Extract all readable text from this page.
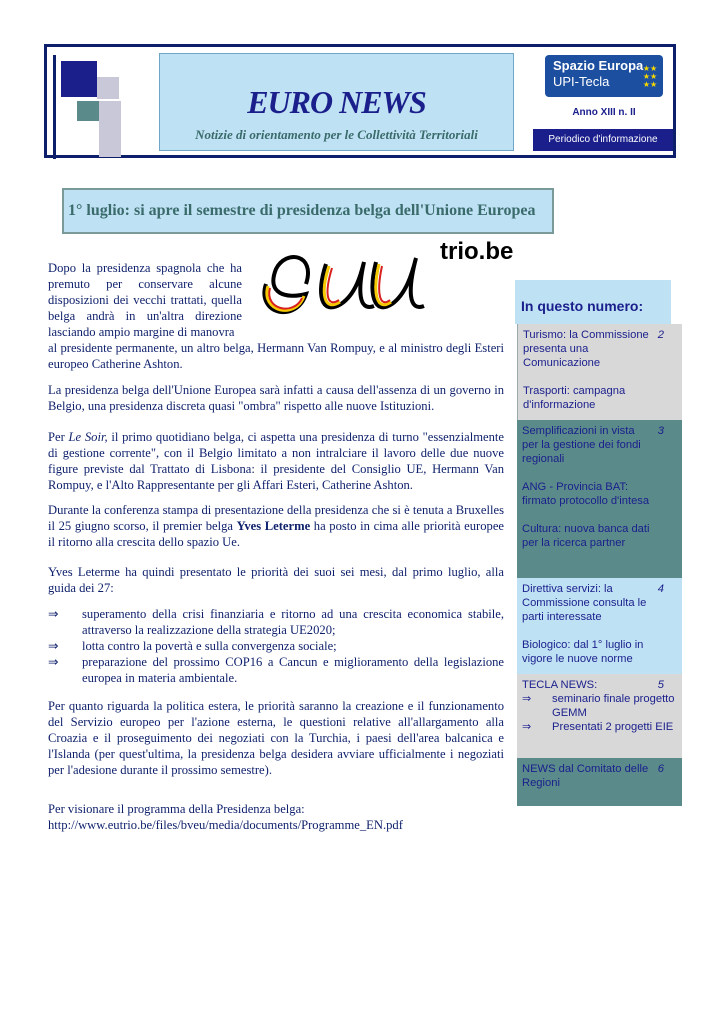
EURO NEWS
Notizie di orientamento per le Collettività Territoriali
Spazio Europa
UPI-Tecla
★★
★★
★★
Anno XIII n. II
Periodico d'informazione
1° luglio: si apre il semestre di presidenza belga dell'Unione Europea
trio.be
Dopo la presidenza spagnola che ha premuto per conservare alcune disposizioni dei vecchi trattati, quella belga andrà in un'altra direzione lasciando ampio margine di manovra
al presidente permanente, un altro belga, Hermann Van Rompuy, e al ministro degli Esteri europeo Catherine Ashton.
La presidenza belga dell'Unione Europea sarà infatti a causa dell'assenza di un governo in Belgio, una presidenza discreta quasi "ombra" rispetto alle nuove Istituzioni.
Per Le Soir, il primo quotidiano belga, ci aspetta una presidenza di turno "essenzialmente di gestione corrente", con il Belgio limitato a non intralciare il lavoro delle due nuove figure previste dal Trattato di Lisbona: il presidente del Consiglio UE, Hermann Van Rompuy, e l'Alto Rappresentante per gli Affari Esteri, Catherine Ashton.
Durante la conferenza stampa di presentazione della presidenza che si è tenuta a Bruxelles il 25 giugno scorso, il premier belga Yves Leterme ha posto in cima alle priorità europee il ritorno alla crescita dello spazio Ue.
Yves Leterme ha quindi presentato le priorità dei suoi sei mesi, dal primo luglio, alla guida dei 27:
⇒ superamento della crisi finanziaria e ritorno ad una crescita economica stabile, attraverso la realizzazione della strategia UE2020;
⇒ lotta contro la povertà e sulla convergenza sociale;
⇒ preparazione del prossimo COP16 a Cancun e miglioramento della legislazione europea in materia ambientale.
Per quanto riguarda la politica estera, le priorità saranno la creazione e il funzionamento del Servizio europeo per l'azione esterna, le questioni relative all'allargamento alla Croazia e il proseguimento dei negoziati con la Turchia, i paesi dell'area balcanica e l'Islanda (per quest'ultima, la presidenza belga desidera avviare ufficialmente i negoziati per l'adesione durante il prossimo semestre).
Per visionare il programma della Presidenza belga:
http://www.eutrio.be/files/bveu/media/documents/Programme_EN.pdf
In questo numero:
2

Turismo: la Commissione presenta una Comunicazione

Trasporti: campagna d'informazione

3

Semplificazioni in vista per la gestione dei fondi regionali

ANG - Provincia BAT: firmato protocollo d'intesa

Cultura: nuova banca dati per la ricerca partner

4

Direttiva servizi: la Commissione consulta le parti interessate

Biologico: dal 1° luglio in vigore le nuove norme

5

TECLA NEWS:

⇒ seminario finale progetto GEMM

⇒ Presentati 2 progetti EIE

6

NEWS dal Comitato delle Regioni
